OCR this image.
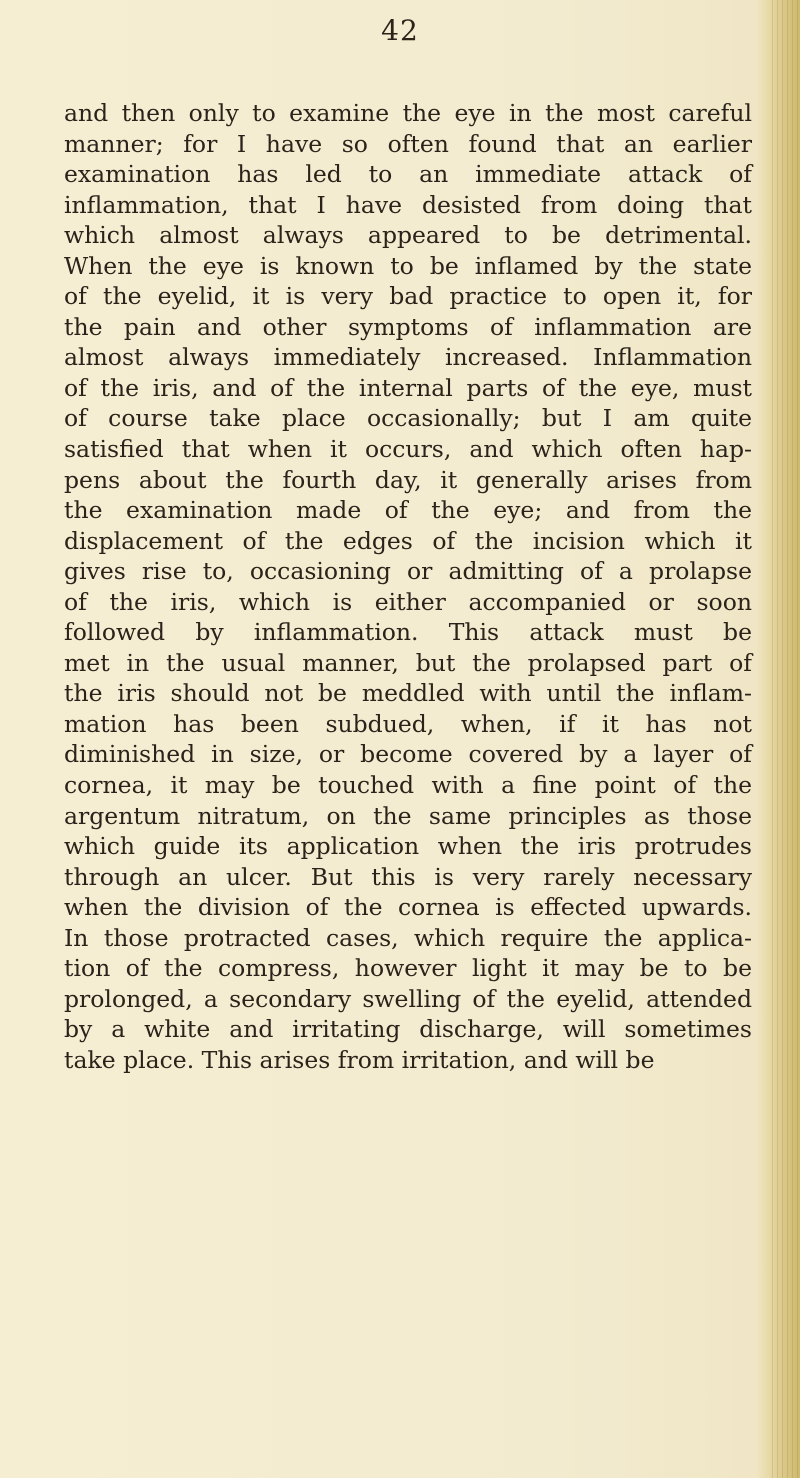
42
and then only to examine the eye in the most careful
manner; for I have so often found that an earlier
examination has led to an immediate attack of
inflammation, that I have desisted from doing that
which almost always appeared to be detrimental.
When the eye is known to be inflamed by the state
of the eyelid, it is very bad practice to open it, for
the pain and other symptoms of inflammation are
almost always immediately increased. Inflammation
of the iris, and of the internal parts of the eye, must
of course take place occasionally; but I am quite
satisfied that when it occurs, and which often hap-
pens about the fourth day, it generally arises from
the examination made of the eye; and from the
displacement of the edges of the incision which it
gives rise to, occasioning or admitting of a prolapse
of the iris, which is either accompanied or soon
followed by inflammation. This attack must be
met in the usual manner, but the prolapsed part of
the iris should not be meddled with until the inflam-
mation has been subdued, when, if it has not
diminished in size, or become covered by a layer of
cornea, it may be touched with a fine point of the
argentum nitratum, on the same principles as those
which guide its application when the iris protrudes
through an ulcer. But this is very rarely necessary
when the division of the cornea is effected upwards.
In those protracted cases, which require the applica-
tion of the compress, however light it may be to be
prolonged, a secondary swelling of the eyelid, attended
by a white and irritating discharge, will sometimes
take place. This arises from irritation, and will be
